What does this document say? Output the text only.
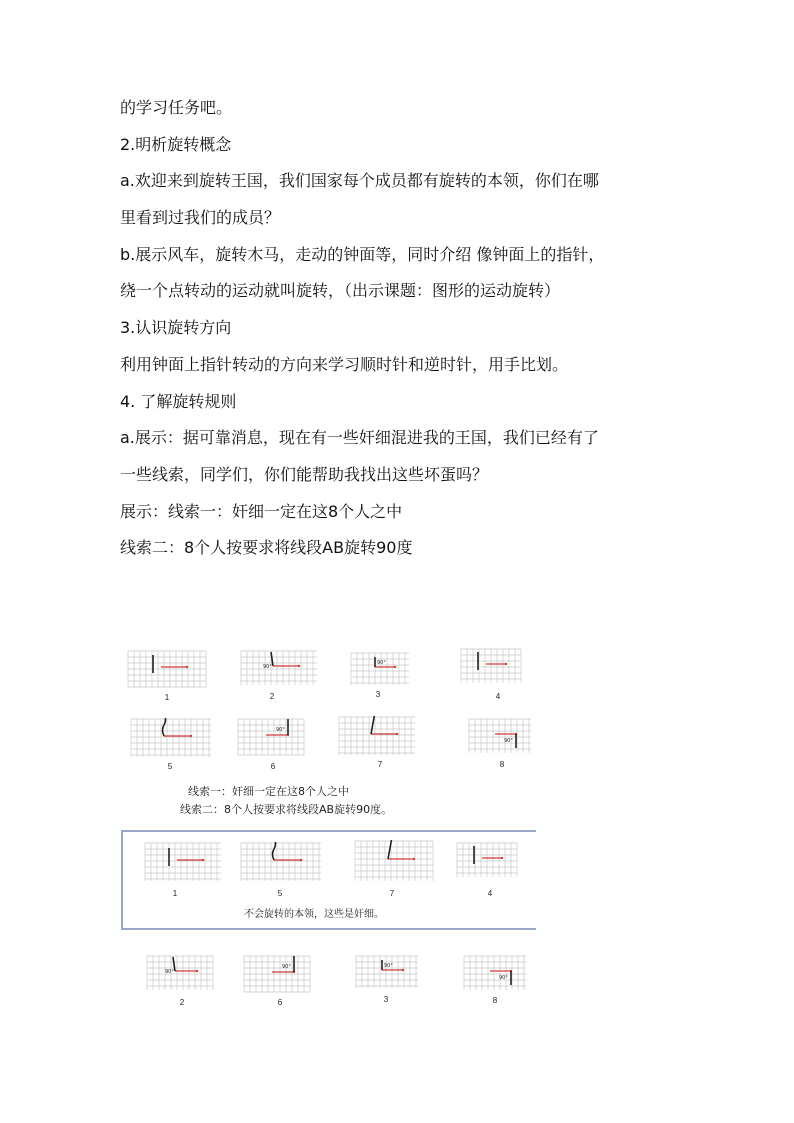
的学习任务吧。
2.明析旋转概念
a.欢迎来到旋转王国，我们国家每个成员都有旋转的本领，你们在哪
里看到过我们的成员？
b.展示风车，旋转木马，走动的钟面等，同时介绍 像钟面上的指针，
绕一个点转动的运动就叫旋转，（出示课题：图形的运动旋转）
3.认识旋转方向
利用钟面上指针转动的方向来学习顺时针和逆时针，用手比划。
4. 了解旋转规则
a.展示：据可靠消息，现在有一些奸细混进我的王国，我们已经有了
一些线索，同学们，你们能帮助我找出这些坏蛋吗？
展示：线索一：奸细一定在这8个人之中
线索二：8个人按要求将线段AB旋转90度
1
90°
2
90°
3	4
5
90°
6	7
90°
8
线索一：奸细一定在这8个人之中
线索二：8个人按要求将线段AB旋转90度。
1	5	7	4
不会旋转的本领，这些是奸细。
90°
2
90°
6
90°
3
90°
8
